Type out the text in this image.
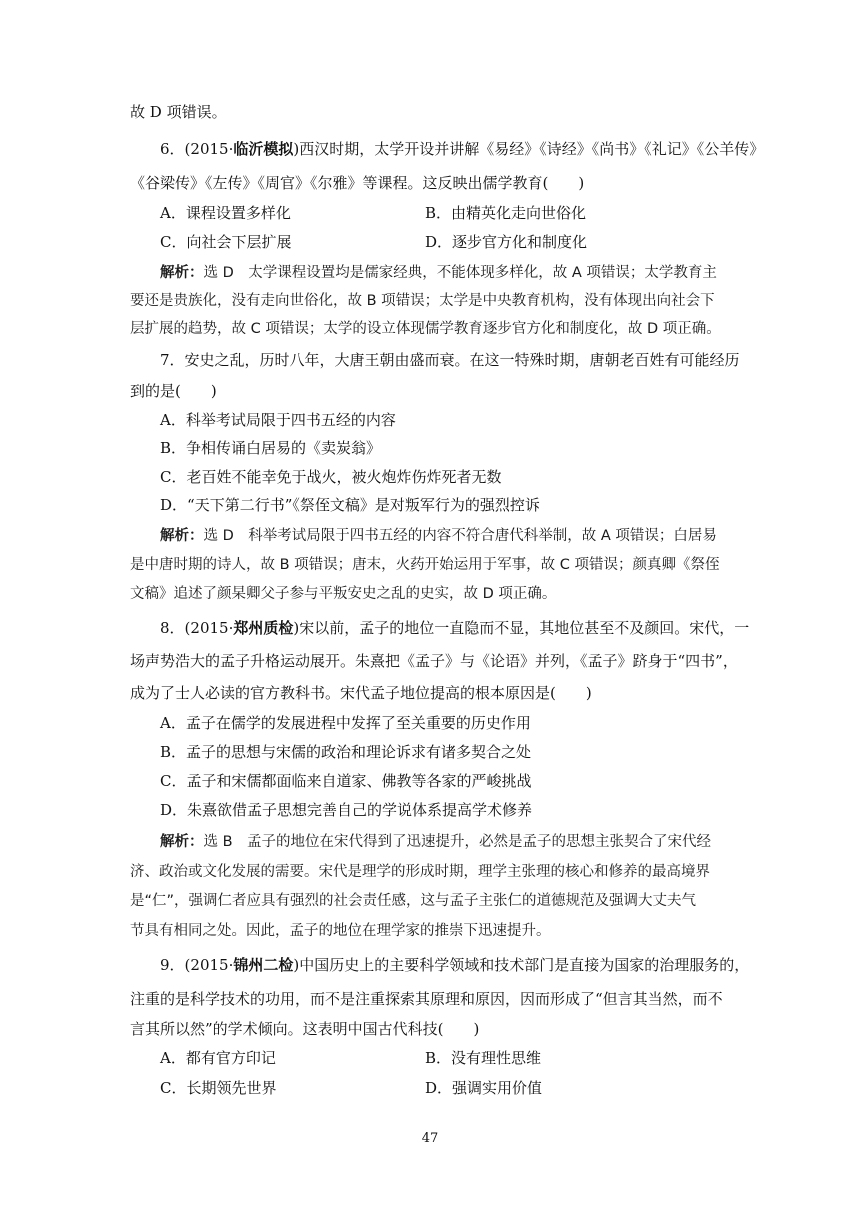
故 D 项错误。
6．(2015·临沂模拟)西汉时期，太学开设并讲解《易经》《诗经》《尚书》《礼记》《公羊传》
《谷梁传》《左传》《周官》《尔雅》等课程。这反映出儒学教育(　　)
A．课程设置多样化	B．由精英化走向世俗化
C．向社会下层扩展	D．逐步官方化和制度化
解析：选 D　太学课程设置均是儒家经典，不能体现多样化，故 A 项错误；太学教育主
要还是贵族化，没有走向世俗化，故 B 项错误；太学是中央教育机构，没有体现出向社会下
层扩展的趋势，故 C 项错误；太学的设立体现儒学教育逐步官方化和制度化，故 D 项正确。
7．安史之乱，历时八年，大唐王朝由盛而衰。在这一特殊时期，唐朝老百姓有可能经历
到的是(　　)
A．科举考试局限于四书五经的内容
B．争相传诵白居易的《卖炭翁》
C．老百姓不能幸免于战火，被火炮炸伤炸死者无数
D．“天下第二行书”《祭侄文稿》是对叛军行为的强烈控诉
解析：选 D　科举考试局限于四书五经的内容不符合唐代科举制，故 A 项错误；白居易
是中唐时期的诗人，故 B 项错误；唐末，火药开始运用于军事，故 C 项错误；颜真卿《祭侄
文稿》追述了颜杲卿父子参与平叛安史之乱的史实，故 D 项正确。
8．(2015·郑州质检)宋以前，孟子的地位一直隐而不显，其地位甚至不及颜回。宋代，一
场声势浩大的孟子升格运动展开。朱熹把《孟子》与《论语》并列，《孟子》跻身于“四书”，
成为了士人必读的官方教科书。宋代孟子地位提高的根本原因是(　　)
A．孟子在儒学的发展进程中发挥了至关重要的历史作用
B．孟子的思想与宋儒的政治和理论诉求有诸多契合之处
C．孟子和宋儒都面临来自道家、佛教等各家的严峻挑战
D．朱熹欲借孟子思想完善自己的学说体系提高学术修养
解析：选 B　孟子的地位在宋代得到了迅速提升，必然是孟子的思想主张契合了宋代经
济、政治或文化发展的需要。宋代是理学的形成时期，理学主张理的核心和修养的最高境界
是“仁”，强调仁者应具有强烈的社会责任感，这与孟子主张仁的道德规范及强调大丈夫气
节具有相同之处。因此，孟子的地位在理学家的推崇下迅速提升。
9．(2015·锦州二检)中国历史上的主要科学领域和技术部门是直接为国家的治理服务的，
注重的是科学技术的功用，而不是注重探索其原理和原因，因而形成了“但言其当然，而不
言其所以然”的学术倾向。这表明中国古代科技(　　)
A．都有官方印记	B．没有理性思维
C．长期领先世界	D．强调实用价值
47
